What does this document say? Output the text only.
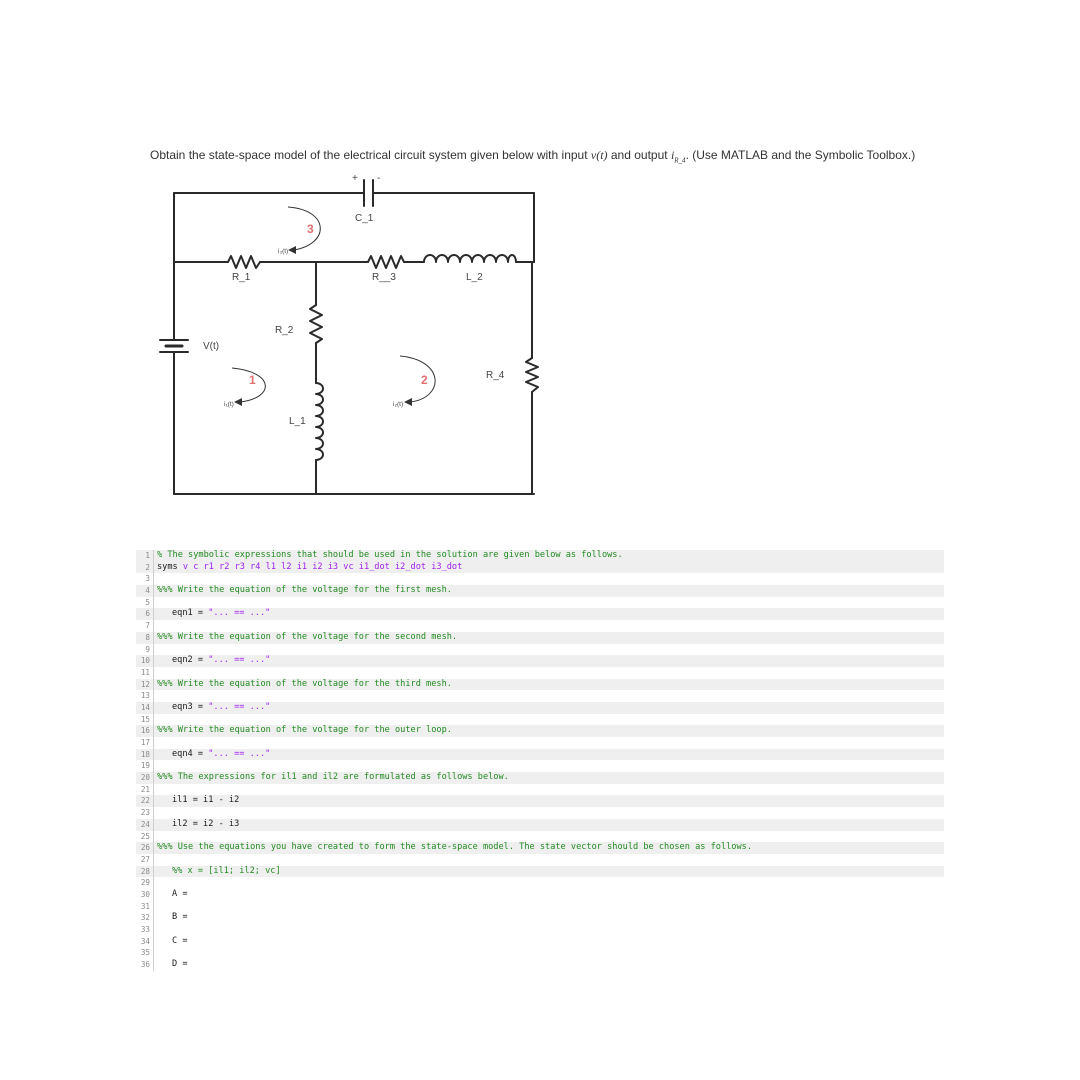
Obtain the state-space model of the electrical circuit system given below with input v(t) and output $i_{R\_4}$. (Use MATLAB and the Symbolic Toolbox.)
+ -
C_1
R_1	R__3	L_2
R_2
V(t)
R_4
L_1
1	2
3
i₁(t)	i₂(t)
i₃(t)
1 % The symbolic expressions that should be used in the solution are given below as follows.
2 syms v c r1 r2 r3 r4 l1 l2 i1 i2 i3 vc i1_dot i2_dot i3_dot
3
4 %%% Write the equation of the voltage for the first mesh.
5
6	eqn1 = "... == ..."
7
8 %%% Write the equation of the voltage for the second mesh.
9
10	eqn2 = "... == ..."
11
12 %%% Write the equation of the voltage for the third mesh.
13
14	eqn3 = "... == ..."
15
16 %%% Write the equation of the voltage for the outer loop.
17
18	eqn4 = "... == ..."
19
20 %%% The expressions for il1 and il2 are formulated as follows below.
21
22	il1 = i1 - i2
23
24	il2 = i2 - i3
25
26 %%% Use the equations you have created to form the state-space model. The state vector should be chosen as follows.
27
28	%% x = [il1; il2; vc]
29
30	A =
31
32	B =
33
34	C =
35
36	D =
